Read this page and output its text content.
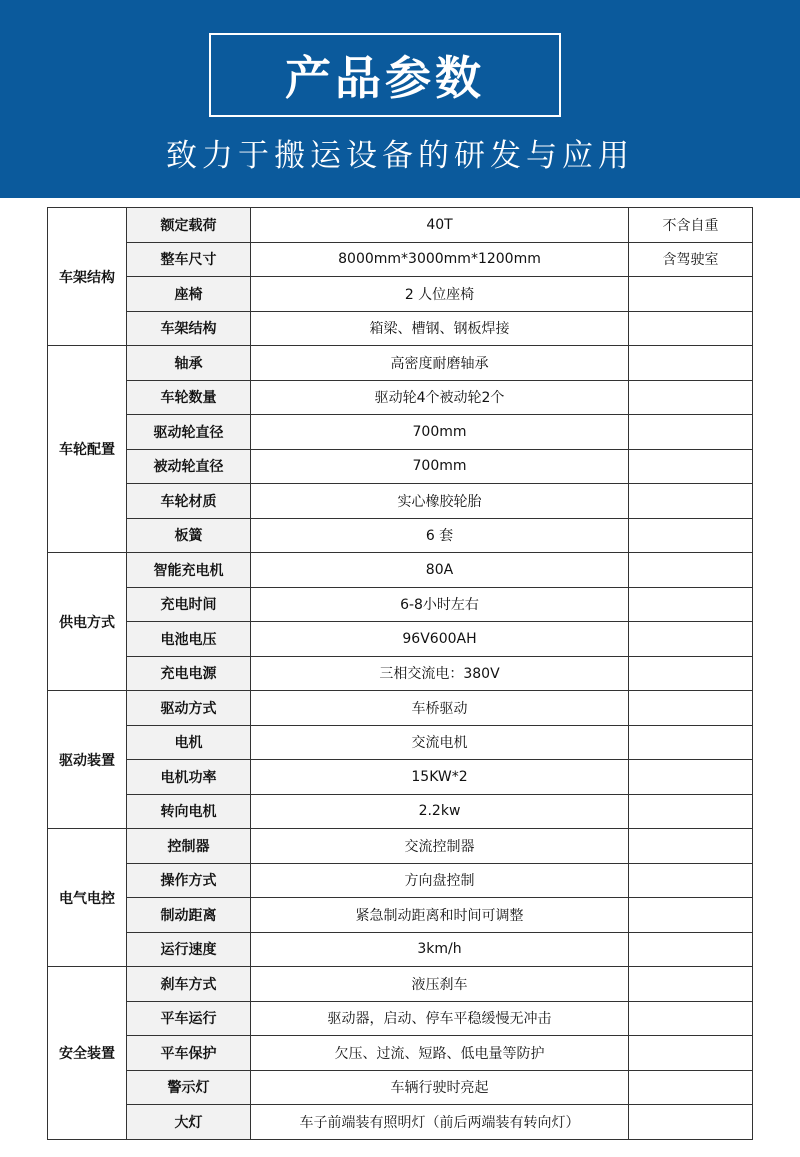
产品参数
致力于搬运设备的研发与应用
车架结构	额定载荷	40T	不含自重
	整车尺寸	8000mm*3000mm*1200mm	含驾驶室
	座椅	2 人位座椅	
	车架结构	箱梁、槽钢、钢板焊接	
车轮配置	轴承	高密度耐磨轴承	
	车轮数量	驱动轮4个被动轮2个	
	驱动轮直径	700mm	
	被动轮直径	700mm	
	车轮材质	实心橡胶轮胎	
	板簧	6 套	
供电方式	智能充电机	80A	
	充电时间	6-8小时左右	
	电池电压	96V600AH	
	充电电源	三相交流电：380V	
驱动装置	驱动方式	车桥驱动	
	电机	交流电机	
	电机功率	15KW*2	
	转向电机	2.2kw	
电气电控	控制器	交流控制器	
	操作方式	方向盘控制	
	制动距离	紧急制动距离和时间可调整	
	运行速度	3km/h	
安全装置	刹车方式	液压刹车	
	平车运行	驱动器，启动、停车平稳缓慢无冲击	
	平车保护	欠压、过流、短路、低电量等防护	
	警示灯	车辆行驶时亮起	
	大灯	车子前端装有照明灯（前后两端装有转向灯）	
